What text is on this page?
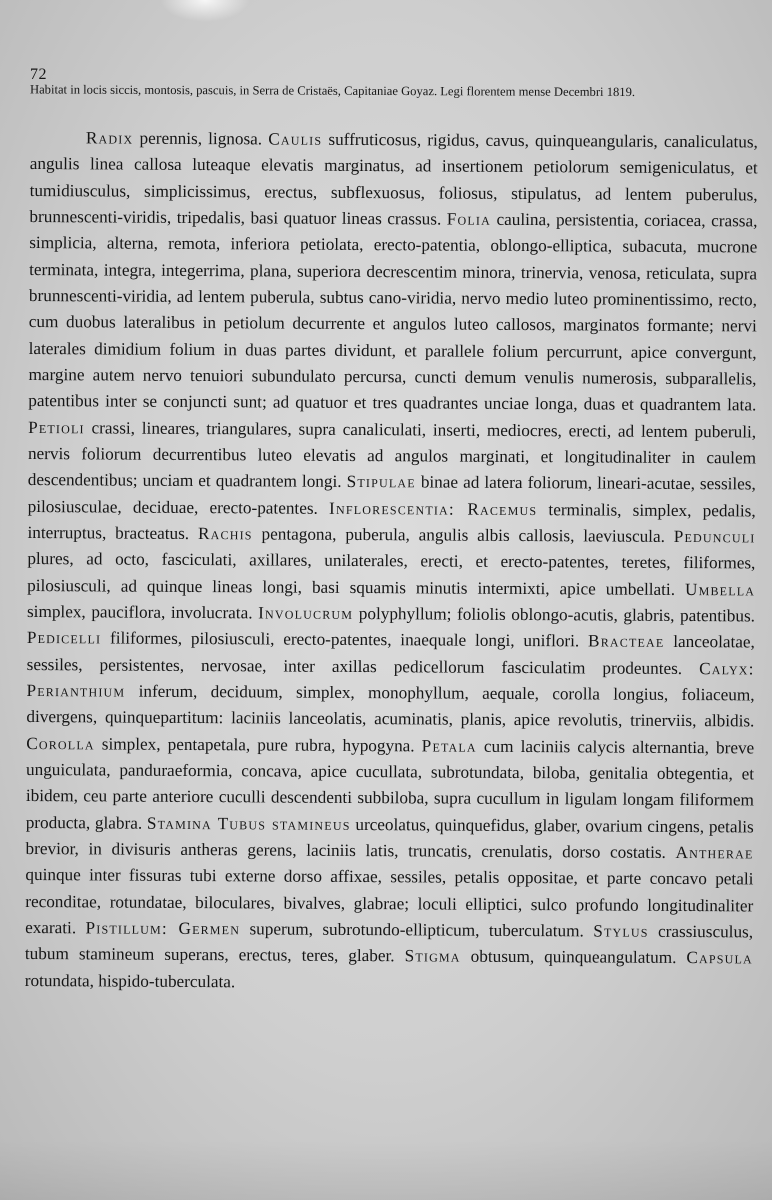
72
Habitat in locis siccis, montosis, pascuis, in Serra de Cristaës, Capitaniae Goyaz. Legi florentem mense Decembri 1819.

Radix perennis, lignosa. Caulis suffruticosus, rigidus, cavus, quinqueangularis, canaliculatus, angulis linea callosa luteaque elevatis marginatus, ad insertionem petiolorum semigeniculatus, et tumidiusculus, simplicissimus, erectus, subflexuosus, foliosus, stipulatus, ad lentem puberulus, brunnescenti-viridis, tripedalis, basi quatuor lineas crassus. Folia caulina, persistentia, coriacea, crassa, simplicia, alterna, remota, inferiora petiolata, erecto-patentia, oblongo-elliptica, subacuta, mucrone terminata, integra, integerrima, plana, superiora decrescentim minora, trinervia, venosa, reticulata, supra brunnescenti-viridia, ad lentem puberula, subtus cano-viridia, nervo medio luteo prominentissimo, recto, cum duobus lateralibus in petiolum decurrente et angulos luteo callosos, marginatos formante; nervi laterales dimidium folium in duas partes dividunt, et parallele folium percurrunt, apice convergunt, margine autem nervo tenuiori subundulato percursa, cuncti demum venulis numerosis, subparallelis, patentibus inter se conjuncti sunt; ad quatuor et tres quadrantes unciae longa, duas et quadrantem lata. Petioli crassi, lineares, triangulares, supra canaliculati, inserti, mediocres, erecti, ad lentem puberuli, nervis foliorum decurrentibus luteo elevatis ad angulos marginati, et longitudinaliter in caulem descendentibus; unciam et quadrantem longi. Stipulae binae ad latera foliorum, lineari-acutae, sessiles, pilosiusculae, deciduae, erecto-patentes. Inflorescentia: Racemus terminalis, simplex, pedalis, interruptus, bracteatus. Rachis pentagona, puberula, angulis albis callosis, laeviuscula. Pedunculi plures, ad octo, fasciculati, axillares, unilaterales, erecti, et erecto-patentes, teretes, filiformes, pilosiusculi, ad quinque lineas longi, basi squamis minutis intermixti, apice umbellati. Umbella simplex, pauciflora, involucrata. Involucrum polyphyllum; foliolis oblongo-acutis, glabris, patentibus. Pedicelli filiformes, pilosiusculi, erecto-patentes, inaequale longi, uniflori. Bracteae lanceolatae, sessiles, persistentes, nervosae, inter axillas pedicellorum fasciculatim prodeuntes. Calyx: Perianthium inferum, deciduum, simplex, monophyllum, aequale, corolla longius, foliaceum, divergens, quinquepartitum: laciniis lanceolatis, acuminatis, planis, apice revolutis, trinerviis, albidis. Corolla simplex, pentapetala, pure rubra, hypogyna. Petala cum laciniis calycis alternantia, breve unguiculata, panduraeformia, concava, apice cucullata, subrotundata, biloba, genitalia obtegentia, et ibidem, ceu parte anteriore cuculli descendenti subbiloba, supra cucullum in ligulam longam filiformem producta, glabra. Stamina Tubus stamineus urceolatus, quinquefidus, glaber, ovarium cingens, petalis brevior, in divisuris antheras gerens, laciniis latis, truncatis, crenulatis, dorso costatis. Antherae quinque inter fissuras tubi externe dorso affixae, sessiles, petalis oppositae, et parte concavo petali reconditae, rotundatae, biloculares, bivalves, glabrae; loculi elliptici, sulco profundo longitudinaliter exarati. Pistillum: Germen superum, subrotundo-ellipticum, tuberculatum. Stylus crassiusculus, tubum stamineum superans, erectus, teres, glaber. Stigma obtusum, quinqueangulatum. Capsula rotundata, hispido-tuberculata.
